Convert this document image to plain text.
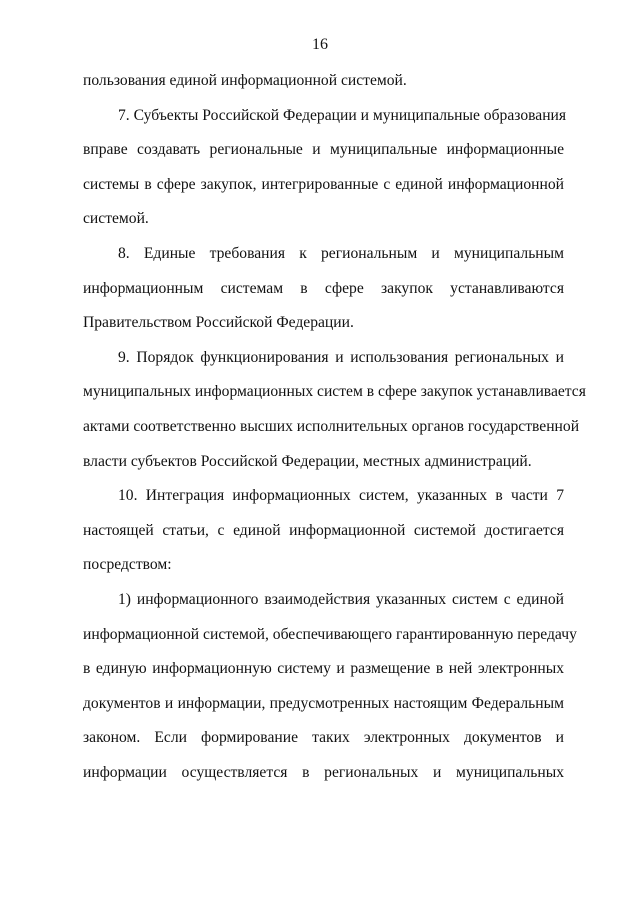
16
пользования единой информационной системой.
7. Субъекты Российской Федерации и муниципальные образования
вправе создавать региональные и муниципальные информационные
системы в сфере закупок, интегрированные с единой информационной
системой.
8. Единые требования к региональным и муниципальным
информационным системам в сфере закупок устанавливаются
Правительством Российской Федерации.
9. Порядок функционирования и использования региональных и
муниципальных информационных систем в сфере закупок устанавливается
актами соответственно высших исполнительных органов государственной
власти субъектов Российской Федерации, местных администраций.
10. Интеграция информационных систем, указанных в части 7
настоящей статьи, с единой информационной системой достигается
посредством:
1) информационного взаимодействия указанных систем с единой
информационной системой, обеспечивающего гарантированную передачу
в единую информационную систему и размещение в ней электронных
документов и информации, предусмотренных настоящим Федеральным
законом. Если формирование таких электронных документов и
информации осуществляется в региональных и муниципальных
